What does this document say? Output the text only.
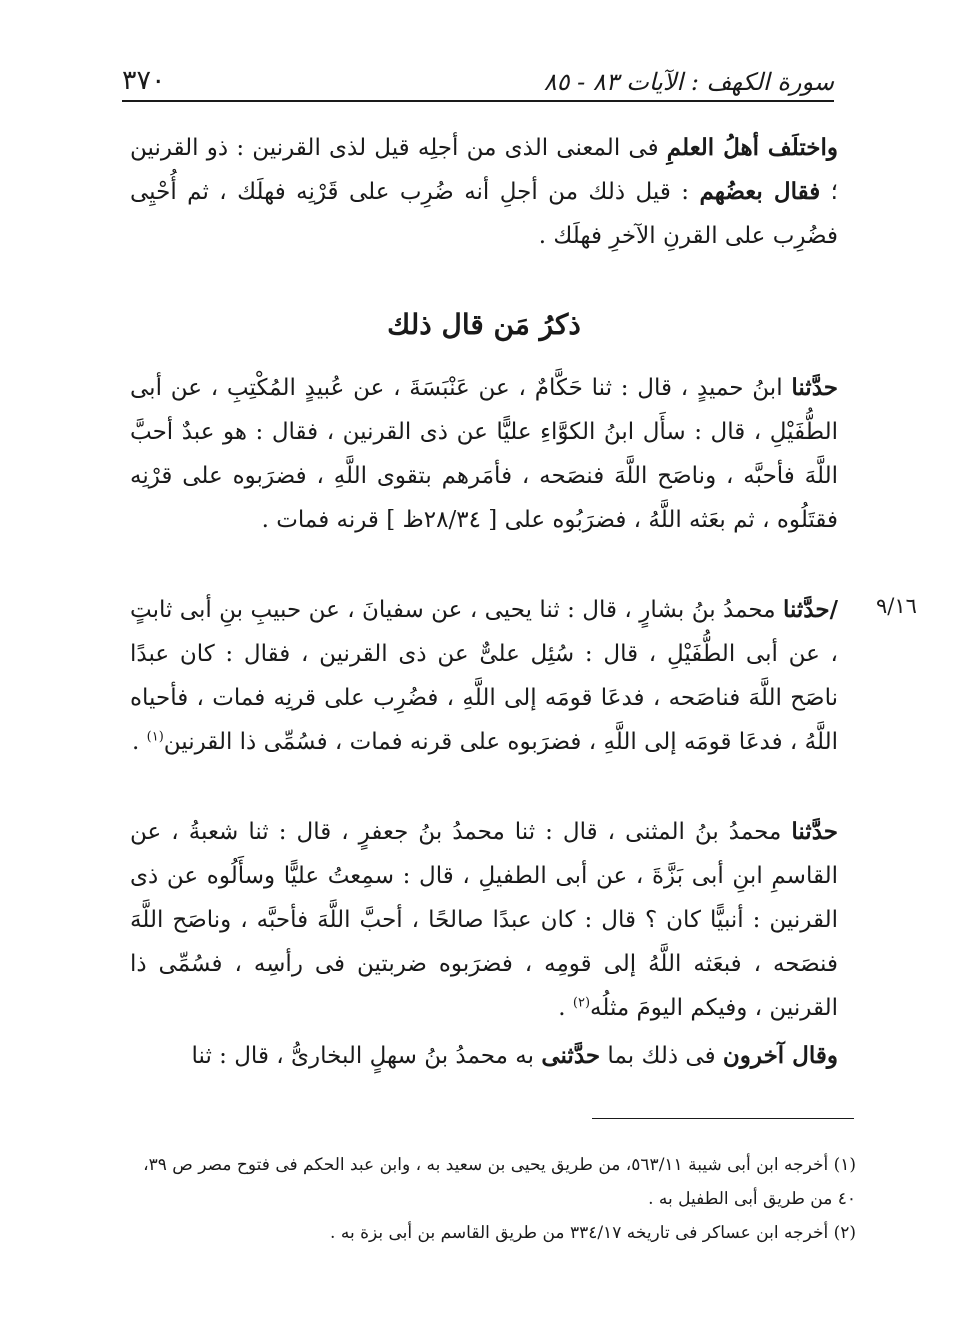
٣٧٠	سورة الكهف : الآيات ٨٣ - ٨٥

واختلَف أهلُ العلمِ فى المعنى الذى من أجلِه قيل لذى القرنين : ذو القرنين ؛ فقال بعضُهم : قيل ذلك من أجلِ أنه ضُرِب على قَرْنِه فهلَك ، ثم أُحْيِى فضُرِب على القرنِ الآخرِ فهلَك .

ذكرُ مَن قال ذلك

حدَّثنا ابنُ حميدٍ ، قال : ثنا حَكَّامٌ ، عن عَنْبَسَةَ ، عن عُبيدٍ المُكْتِبِ ، عن أبى الطُّفَيْلِ ، قال : سأَل ابنُ الكوَّاءِ عليًّا عن ذى القرنين ، فقال : هو عبدٌ أحبَّ اللَّهَ فأحبَّه ، وناصَح اللَّهَ فنصَحه ، فأمَرهم بتقوى اللَّهِ ، فضرَبوه على قرْنِه فقتَلُوه ، ثم بعَثه اللَّهُ ، فضرَبُوه على [ ٢٨/٣٤ظ ] قرنه فمات .

٩/١٦

/حدَّثنا محمدُ بنُ بشارٍ ، قال : ثنا يحيى ، عن سفيانَ ، عن حبيبِ بنِ أبى ثابتٍ ، عن أبى الطُّفَيْلِ ، قال : سُئِل علىٌّ عن ذى القرنين ، فقال : كان عبدًا ناصَح اللَّهَ فناصَحه ، فدعَا قومَه إلى اللَّهِ ، فضُرِب على قرنِه فمات ، فأحياه اللَّهُ ، فدعَا قومَه إلى اللَّهِ ، فضرَبوه على قرنه فمات ، فسُمِّى ذا القرنين$^{(١)}$ .

حدَّثنا محمدُ بنُ المثنى ، قال : ثنا محمدُ بنُ جعفرٍ ، قال : ثنا شعبةُ ، عن القاسمِ ابنِ أبى بَزَّةَ ، عن أبى الطفيلِ ، قال : سمِعتُ عليًّا وسأَلُوه عن ذى القرنين : أنبيًّا كان ؟ قال : كان عبدًا صالحًا ، أحبَّ اللَّهَ فأحبَّه ، وناصَح اللَّهَ فنصَحه ، فبعَثه اللَّهُ إلى قومِه ، فضرَبوه ضربتين فى رأسِه ، فسُمِّى ذا القرنين ، وفيكم اليومَ مثلُه$^{(٢)}$ .

وقال آخرون فى ذلك بما حدَّثنى به محمدُ بنُ سهلٍ البخارىُّ ، قال : ثنا

(١) أخرجه ابن أبى شيبة ٥٦٣/١١، من طريق يحيى بن سعيد به ، وابن عبد الحكم فى فتوح مصر ص ٣٩، ٤٠ من طريق أبى الطفيل به .

(٢) أخرجه ابن عساكر فى تاريخه ٣٣٤/١٧ من طريق القاسم بن أبى بزة به .
